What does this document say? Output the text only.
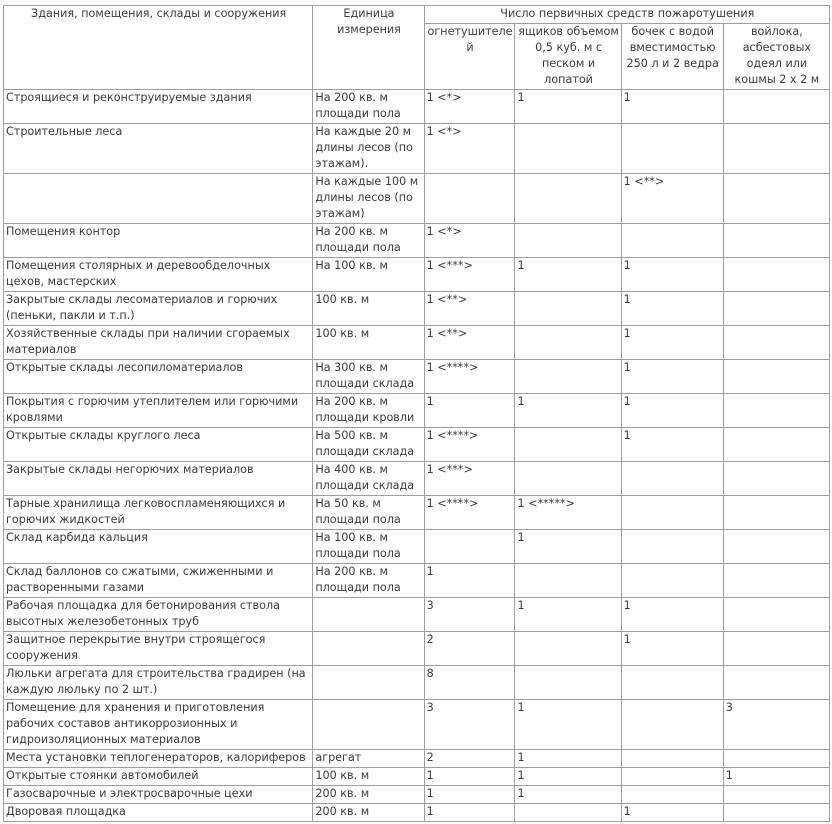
Здания, помещения, склады и сооружения	Единица измерения	Число первичных средств пожаротушения			
		огнетушителей	ящиков объемом 0,5 куб. м с песком и лопатой	бочек с водой вместимостью 250 л и 2 ведра	войлока, асбестовых одеял или кошмы 2 х 2 м
Строящиеся и реконструируемые здания	На 200 кв. м площади пола	1 <*>	1	1	
Строительные леса	На каждые 20 м длины лесов (по этажам).	1 <*>			
	На каждые 100 м длины лесов (по этажам)			1 <**>	
Помещения контор	На 200 кв. м площади пола	1 <*>			
Помещения столярных и деревообделочных цехов, мастерских	На 100 кв. м	1 <***>	1	1	
Закрытые склады лесоматериалов и горючих (пеньки, пакли и т.п.)	100 кв. м	1 <**>		1	
Хозяйственные склады при наличии сгораемых материалов	100 кв. м	1 <**>		1	
Открытые склады лесопиломатериалов	На 300 кв. м площади склада	1 <****>		1	
Покрытия с горючим утеплителем или горючими кровлями	На 200 кв. м площади кровли	1	1	1	
Открытые склады круглого леса	На 500 кв. м площади склада	1 <****>		1	
Закрытые склады негорючих материалов	На 400 кв. м площади склада	1 <***>			
Тарные хранилища легковоспламеняющихся и горючих жидкостей	На 50 кв. м площади пола	1 <****>	1 <*****>		
Склад карбида кальция	На 100 кв. м площади пола		1		
Склад баллонов со сжатыми, сжиженными и растворенными газами	На 200 кв. м площади пола	1			
Рабочая площадка для бетонирования ствола высотных железобетонных труб		3	1	1	
Защитное перекрытие внутри строящегося сооружения		2		1	
Люльки агрегата для строительства градирен (на каждую люльку по 2 шт.)		8			
Помещение для хранения и приготовления рабочих составов антикоррозионных и гидроизоляционных материалов		3	1		3
Места установки теплогенераторов, калориферов	агрегат	2	1		
Открытые стоянки автомобилей	100 кв. м	1	1		1
Газосварочные и электросварочные цехи	200 кв. м	1	1		
Дворовая площадка	200 кв. м	1		1	
